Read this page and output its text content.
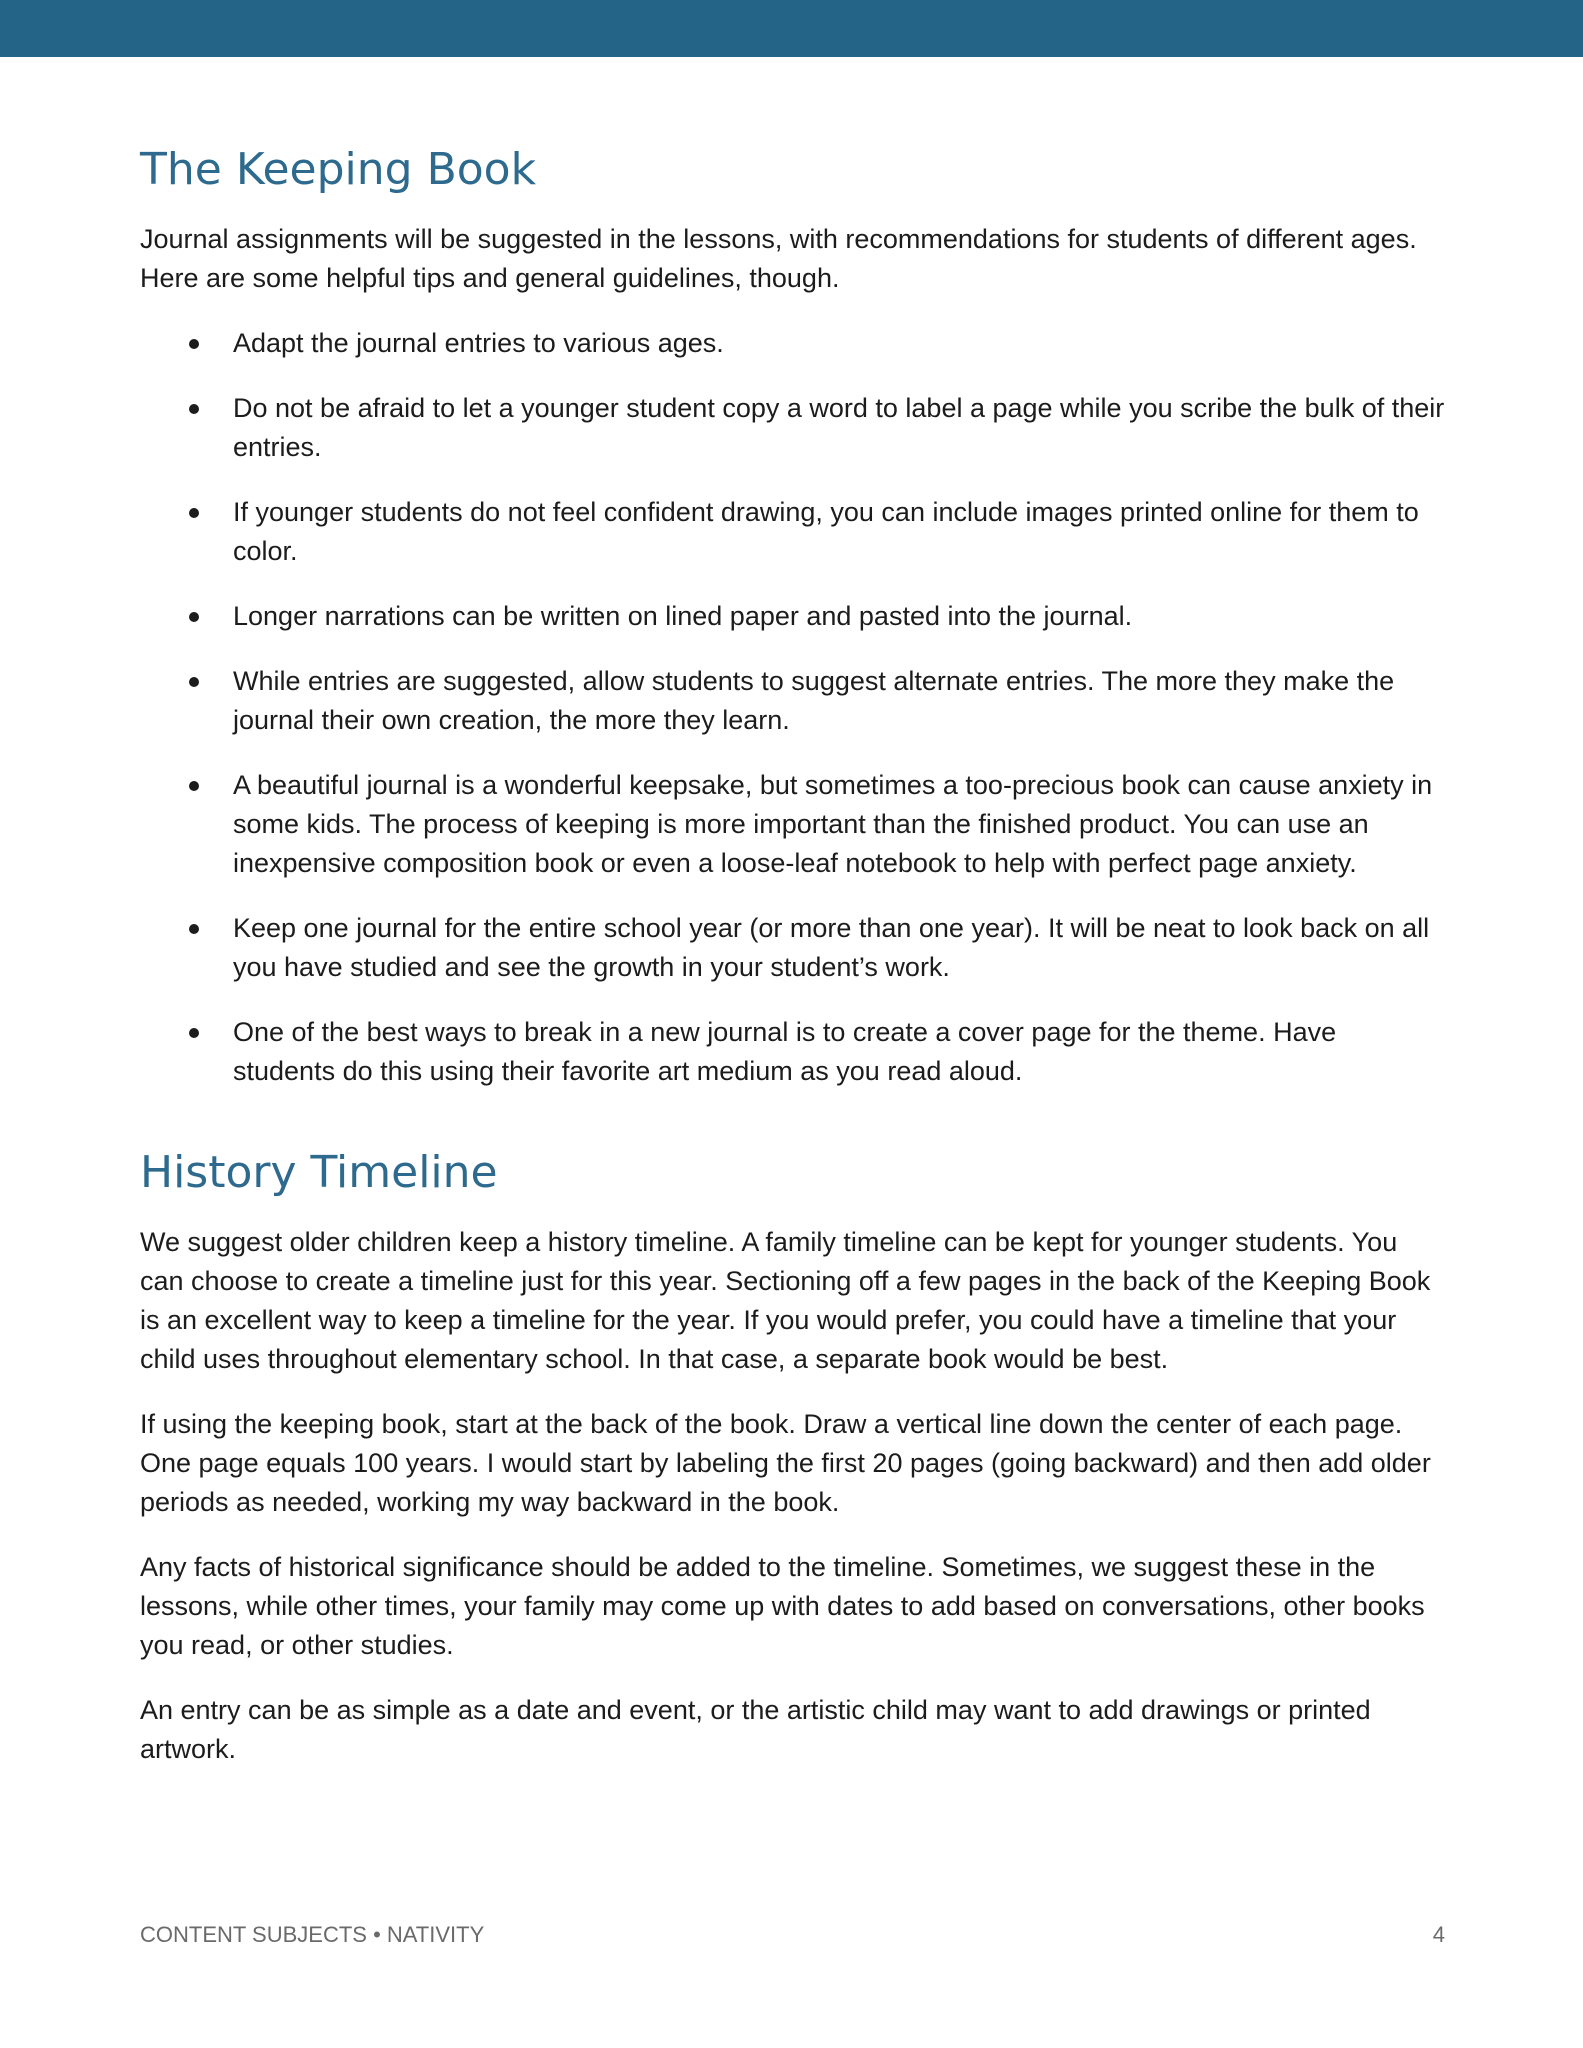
The Keeping Book

Journal assignments will be suggested in the lessons, with recommendations for students of different ages. Here are some helpful tips and general guidelines, though.

Adapt the journal entries to various ages.
Do not be afraid to let a younger student copy a word to label a page while you scribe the bulk of their entries.
If younger students do not feel confident drawing, you can include images printed online for them to color.
Longer narrations can be written on lined paper and pasted into the journal.
While entries are suggested, allow students to suggest alternate entries. The more they make the journal their own creation, the more they learn.
A beautiful journal is a wonderful keepsake, but sometimes a too-precious book can cause anxiety in some kids. The process of keeping is more important than the finished product. You can use an inexpensive composition book or even a loose-leaf notebook to help with perfect page anxiety.
Keep one journal for the entire school year (or more than one year). It will be neat to look back on all you have studied and see the growth in your student’s work.
One of the best ways to break in a new journal is to create a cover page for the theme. Have students do this using their favorite art medium as you read aloud.
History Timeline

We suggest older children keep a history timeline. A family timeline can be kept for younger students. You can choose to create a timeline just for this year. Sectioning off a few pages in the back of the Keeping Book is an excellent way to keep a timeline for the year. If you would prefer, you could have a timeline that your child uses throughout elementary school. In that case, a separate book would be best.

If using the keeping book, start at the back of the book. Draw a vertical line down the center of each page. One page equals 100 years. I would start by labeling the first 20 pages (going backward) and then add older periods as needed, working my way backward in the book.

Any facts of historical significance should be added to the timeline. Sometimes, we suggest these in the lessons, while other times, your family may come up with dates to add based on conversations, other books you read, or other studies.

An entry can be as simple as a date and event, or the artistic child may want to add drawings or printed artwork.

CONTENT SUBJECTS • NATIVITY	4
